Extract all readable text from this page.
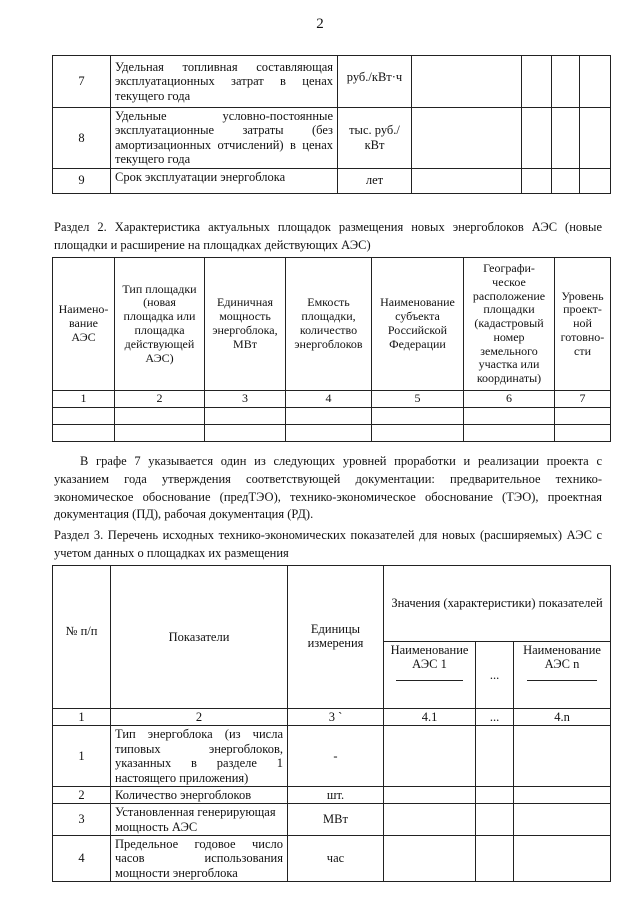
2
7	Удельная топливная составляющая эксплуатационных затрат в ценах текущего года	руб./кВт·ч				
8	Удельные условно-постоянные эксплуатационные затраты (без амортизационных отчислений) в ценах текущего года	тыс. руб./кВт				
9	Срок эксплуатации энергоблока	лет				

Раздел 2. Характеристика актуальных площадок размещения новых энергоблоков АЭС (новые площадки и расширение на площадках действующих АЭС)

Наимено-вание АЭС	Тип площадки (новая площадка или площадка действующей АЭС)	Единичная мощность энергоблока, МВт	Емкость площадки, количество энергоблоков	Наименование субъекта Российской Федерации	Географи-ческое расположение площадки (кадастровый номер земельного участка или координаты)	Уровень проект-ной готовно-сти
1	2	3	4	5	6	7

В графе 7 указывается один из следующих уровней проработки и реализации проекта с указанием года утверждения соответствующей документации: предварительное технико-экономическое обоснование (предТЭО), технико-экономическое обоснование (ТЭО), проектная документация (ПД), рабочая документация (РД).

Раздел 3. Перечень исходных технико-экономических показателей для новых (расширяемых) АЭС с учетом данных о площадках их размещения

№ п/п	Показатели	Единицы измерения	Значения (характеристики) показателей		
			Наименование АЭС 1	...	Наименование АЭС n

1	2	3 `	4.1	...	4.n
1	Тип энергоблока (из числа типовых энергоблоков, указанных в разделе 1 настоящего приложения)	-			
2	Количество энергоблоков	шт.			
3	Установленная генерирующая мощность АЭС	МВт			
4	Предельное годовое число часов использования мощности энергоблока	час			
